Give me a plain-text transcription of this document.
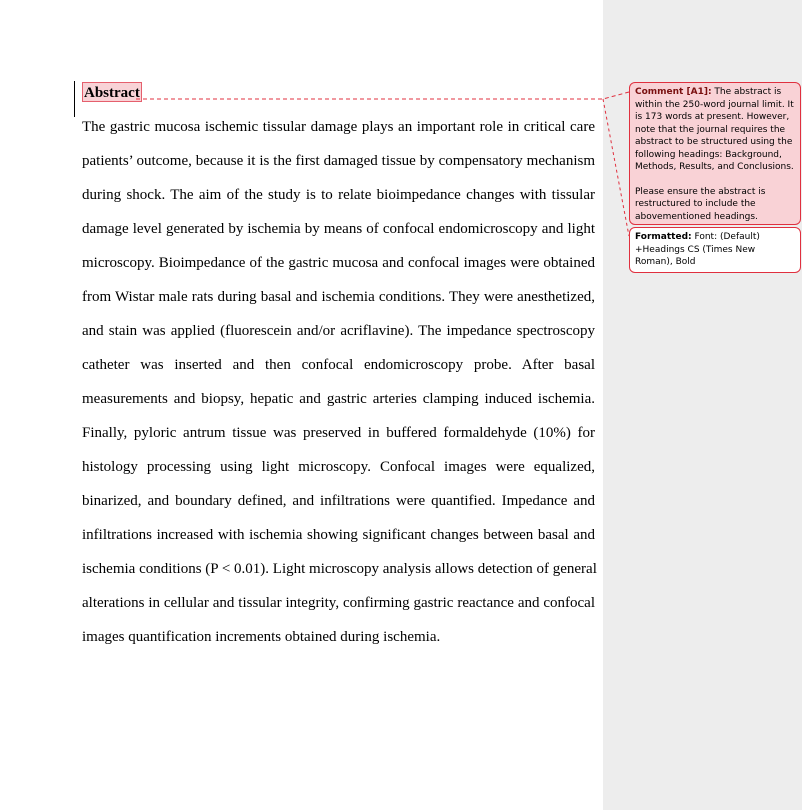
Abstract
The gastric mucosa ischemic tissular damage plays an important role in critical care
patients’ outcome, because it is the first damaged tissue by compensatory mechanism
during shock. The aim of the study is to relate bioimpedance changes with tissular
damage level generated by ischemia by means of confocal endomicroscopy and light
microscopy. Bioimpedance of the gastric mucosa and confocal images were obtained
from Wistar male rats during basal and ischemia conditions. They were anesthetized,
and stain was applied (fluorescein and/or acriflavine). The impedance spectroscopy
catheter was inserted and then confocal endomicroscopy probe. After basal
measurements and biopsy, hepatic and gastric arteries clamping induced ischemia.
Finally, pyloric antrum tissue was preserved in buffered formaldehyde (10%) for
histology processing using light microscopy. Confocal images were equalized,
binarized, and boundary defined, and infiltrations were quantified. Impedance and
infiltrations increased with ischemia showing significant changes between basal and
ischemia conditions (P < 0.01). Light microscopy analysis allows detection of general
alterations in cellular and tissular integrity, confirming gastric reactance and confocal
images quantification increments obtained during ischemia.
Comment [A1]: The abstract is within the 250-word journal limit. It is 173 words at present. However, note that the journal requires the abstract to be structured using the following headings: Background, Methods, Results, and Conclusions.
Please ensure the abstract is restructured to include the abovementioned headings.
Formatted: Font: (Default) +Headings CS (Times New Roman), Bold
